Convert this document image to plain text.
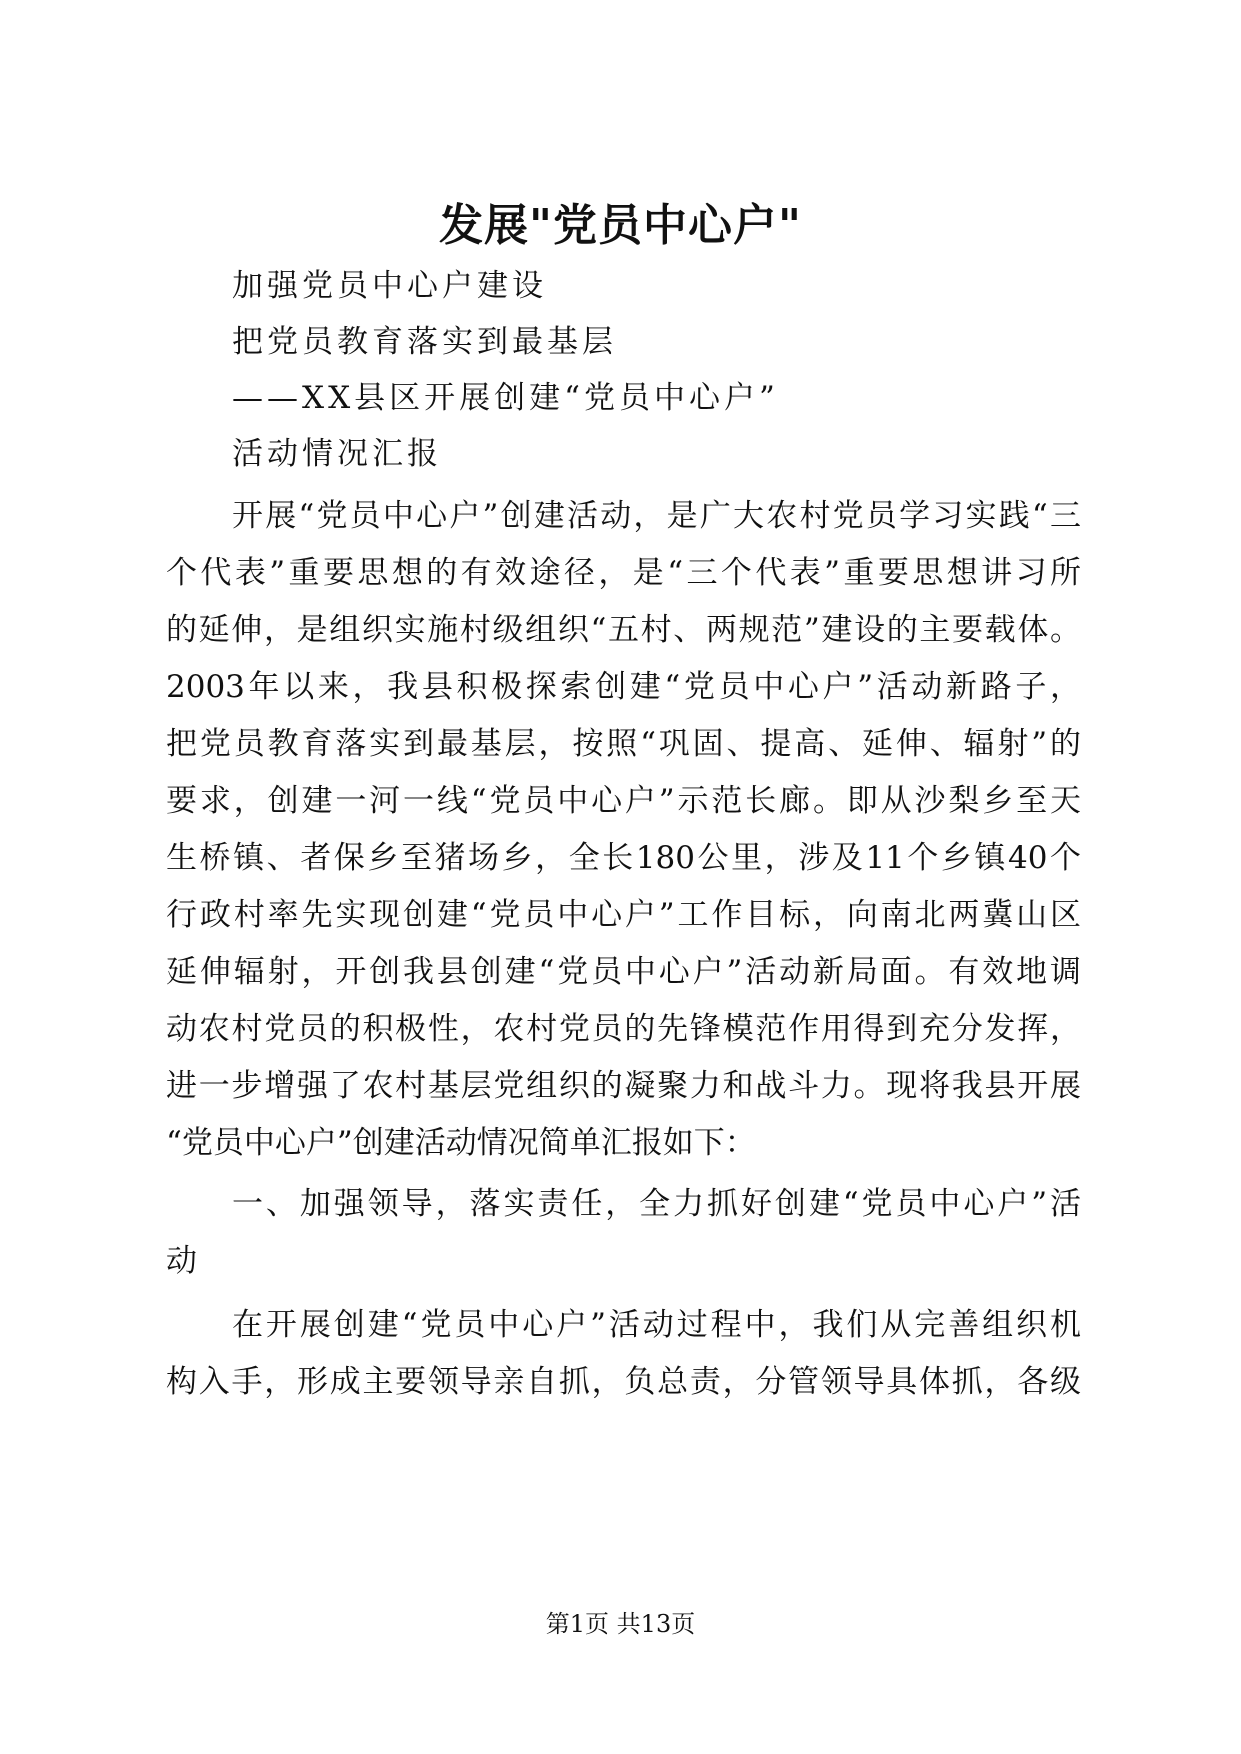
发展"党员中心户"
加强党员中心户建设
把党员教育落实到最基层
——XX县区开展创建“党员中心户”
活动情况汇报
开展“党员中心户”创建活动，是广大农村党员学习实践“三
个代表”重要思想的有效途径，是“三个代表”重要思想讲习所
的延伸，是组织实施村级组织“五村、两规范”建设的主要载体。
2003年以来，我县积极探索创建“党员中心户”活动新路子，
把党员教育落实到最基层，按照“巩固、提高、延伸、辐射”的
要求，创建一河一线“党员中心户”示范长廊。即从沙梨乡至天
生桥镇、者保乡至猪场乡，全长180公里，涉及11个乡镇40个
行政村率先实现创建“党员中心户”工作目标，向南北两冀山区
延伸辐射，开创我县创建“党员中心户”活动新局面。有效地调
动农村党员的积极性，农村党员的先锋模范作用得到充分发挥，
进一步增强了农村基层党组织的凝聚力和战斗力。现将我县开展
“党员中心户”创建活动情况简单汇报如下：
一、加强领导，落实责任，全力抓好创建“党员中心户”活
动
在开展创建“党员中心户”活动过程中，我们从完善组织机
构入手，形成主要领导亲自抓，负总责，分管领导具体抓，各级
第1页 共13页
